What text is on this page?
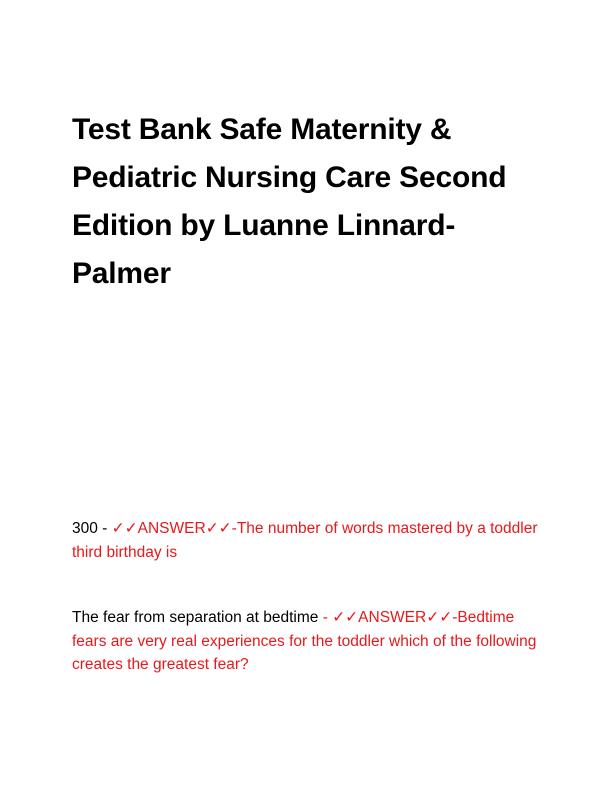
Test Bank Safe Maternity & Pediatric Nursing Care Second Edition by Luanne Linnard-Palmer

300 - ✓✓ANSWER✓✓-The number of words mastered by a toddler third birthday is

The fear from separation at bedtime - ✓✓ANSWER✓✓-Bedtime fears are very real experiences for the toddler which of the following creates the greatest fear?
